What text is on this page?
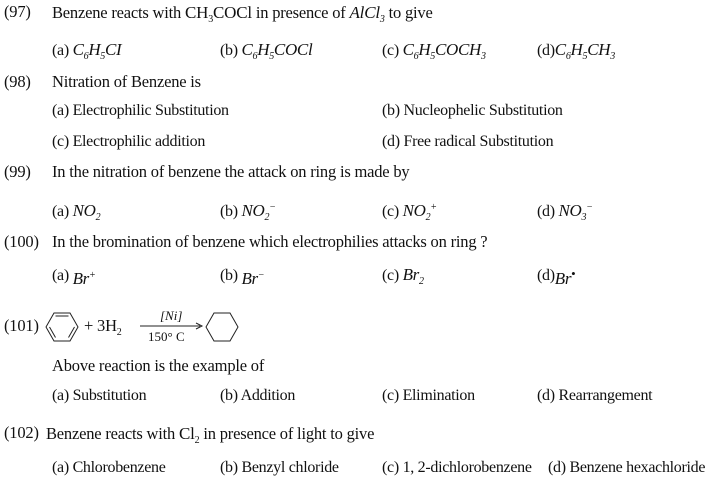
(97) Benzene reacts with $CH_3COCl$ in presence of AlCl$_3$ to give
(a) $C_6H_5CI$	(b) $C_6H_5COCl$	(c) $C_6H_5COCH_3$	$(d)C_6H_5CH_3$
(98) Nitration of Benzene is
(a) Electrophilic Substitution	(b) Nucleophelic Substitution
(c) Electrophilic addition	(d) Free radical Substitution
(99) In the nitration of benzene the attack on ring is made by
(a) $NO_2$	(b) $NO_2^-$	(c) $NO_2^+$	(d) $NO_3^-$
(100) In the bromination of benzene which electrophilies attacks on ring ?
(a) Br+	(b) Br−	(c) $Br_2$	(d)Br•
(101)	+ $3H_2$
[Ni]
150° C
Above reaction is the example of
(a) Substitution	(b) Addition	(c) Elimination	(d) Rearrangement
(102) Benzene reacts with $Cl_2$ in presence of light to give
(a) Chlorobenzene	(b) Benzyl chloride	(c) 1, 2-dichlorobenzene (d) Benzene hexachloride
